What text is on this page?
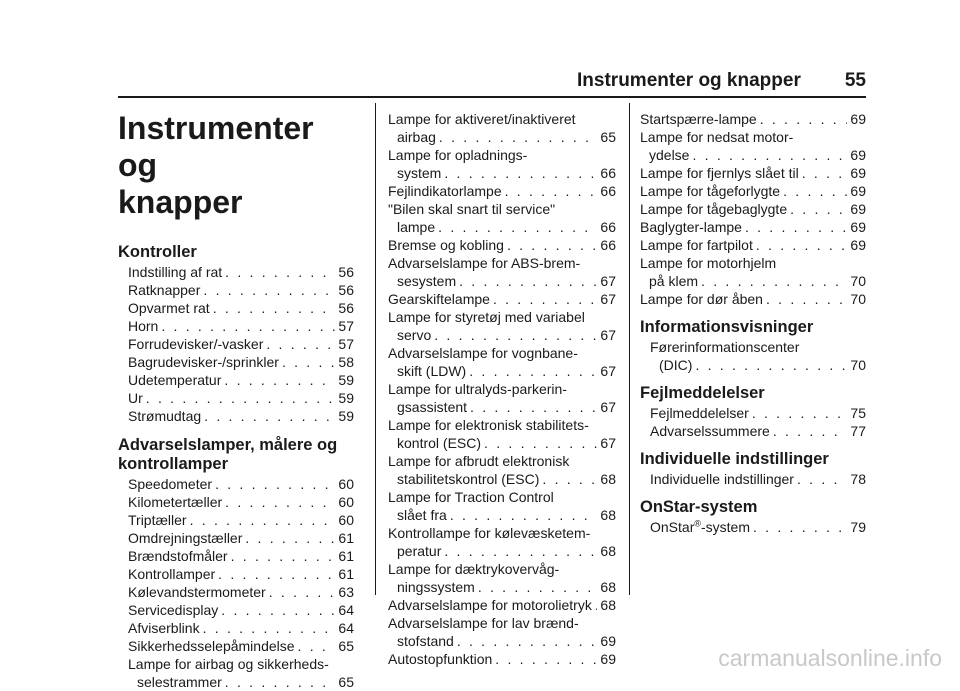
Instrumenter og knapper 55
Instrumenter og
knapper
Kontroller
Indstilling af rat . . .	56
Ratknapper . . .	56
Opvarmet rat . . .	56
Horn . . .	57
Forrudevisker/-vasker . . .	57
Bagrudevisker-/sprinkler . . .	58
Udetemperatur . . .	59
Ur . . .	59
Strømudtag . . .	59
Advarselslamper, målere og
kontrollamper
Speedometer . . .	60
Kilometertæller . . .	60
Triptæller . . .	60
Omdrejningstæller . . .	61
Brændstofmåler . . .	61
Kontrollamper . . .	61
Kølevandstermometer . . .	63
Servicedisplay . . .	64
Afviserblink . . .	64
Sikkerhedsselepåmindelse . . .	65
Lampe for airbag og sikkerheds-
selestrammer . . .	65
Lampe for aktiveret/inaktiveret
airbag . . .	65
Lampe for opladnings-
system . . .	66
Fejlindikatorlampe . . .	66
"Bilen skal snart til service"
lampe . . .	66
Bremse og kobling . . .	66
Advarselslampe for ABS-brem-
sesystem . . .	67
Gearskiftelampe . . .	67
Lampe for styretøj med variabel
servo . . .	67
Advarselslampe for vognbane-
skift (LDW) . . .	67
Lampe for ultralyds-parkerin-
gsassistent . . .	67
Lampe for elektronisk stabilitets-
kontrol (ESC) . . .	67
Lampe for afbrudt elektronisk
stabilitetskontrol (ESC) . . .	68
Lampe for Traction Control
slået fra . . .	68
Kontrollampe for kølevæsketem-
peratur . . .	68
Lampe for dæktrykovervåg-
ningssystem . . .	68
Advarselslampe for motorolietryk . . . 68
Advarselslampe for lav brænd-
stofstand . . .	69
Autostopfunktion . . .	69
Startspærre-lampe . . .	69
Lampe for nedsat motor-
ydelse . . .	69
Lampe for fjernlys slået til . . .	69
Lampe for tågeforlygte . . .	69
Lampe for tågebaglygte . . .	69
Baglygter-lampe . . .	69
Lampe for fartpilot . . .	69
Lampe for motorhjelm
på klem . . .	70
Lampe for dør åben . . .	70
Informationsvisninger
Førerinformationscenter
(DIC) . . .	70
Fejlmeddelelser
Fejlmeddelelser . . .	75
Advarselssummere . . .	77
Individuelle indstillinger
Individuelle indstillinger . . .	78
OnStar-system
OnStar®-system . . .	79
carmanualsonline.info
